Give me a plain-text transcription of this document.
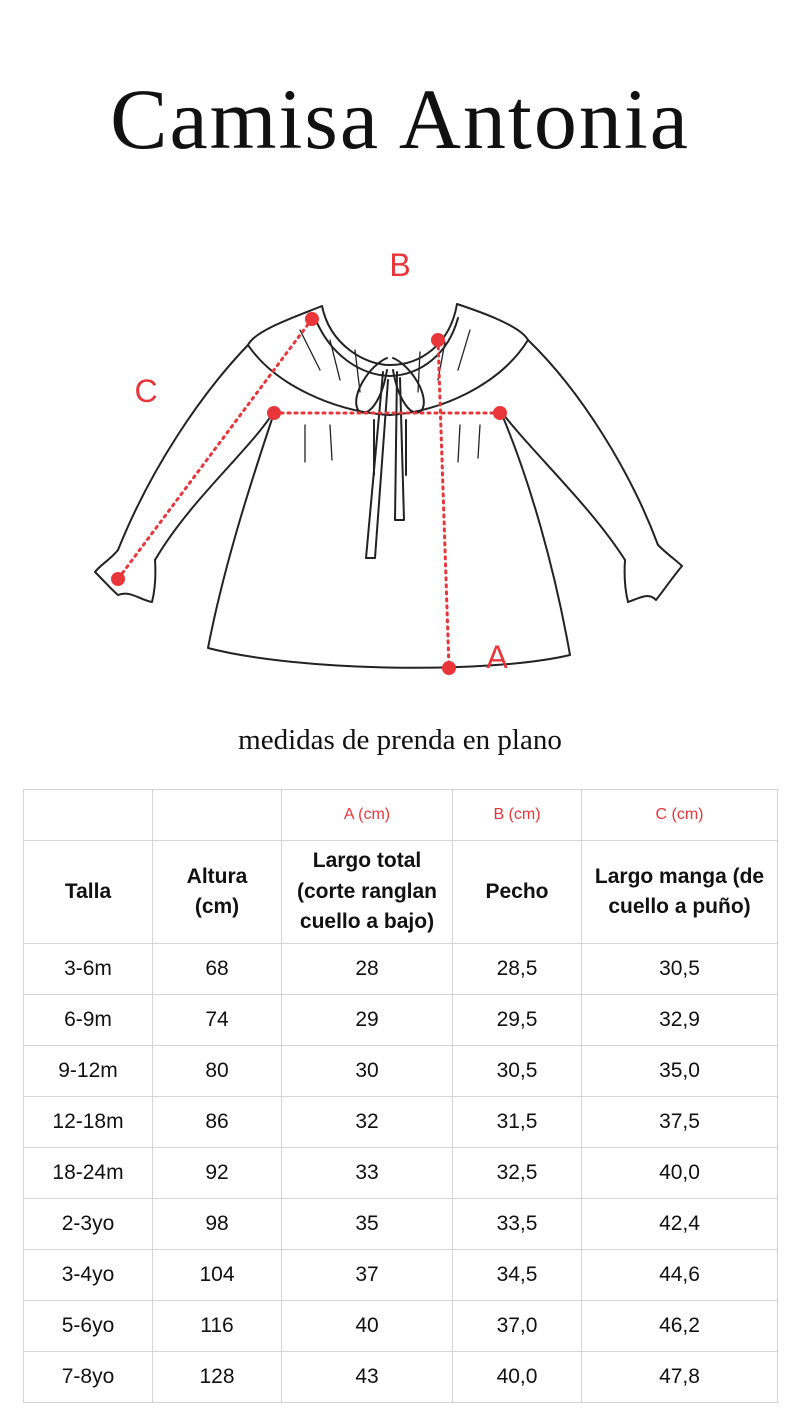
Camisa Antonia
B
C
A

medidas de prenda en plano

		A (cm)	B (cm)	C (cm)
Talla	Altura (cm)	Largo total (corte ranglan cuello a bajo)	Pecho	Largo manga (de cuello a puño)
3-6m	68	28	28,5	30,5
6-9m	74	29	29,5	32,9
9-12m	80	30	30,5	35,0
12-18m	86	32	31,5	37,5
18-24m	92	33	32,5	40,0
2-3yo	98	35	33,5	42,4
3-4yo	104	37	34,5	44,6
5-6yo	116	40	37,0	46,2
7-8yo	128	43	40,0	47,8
